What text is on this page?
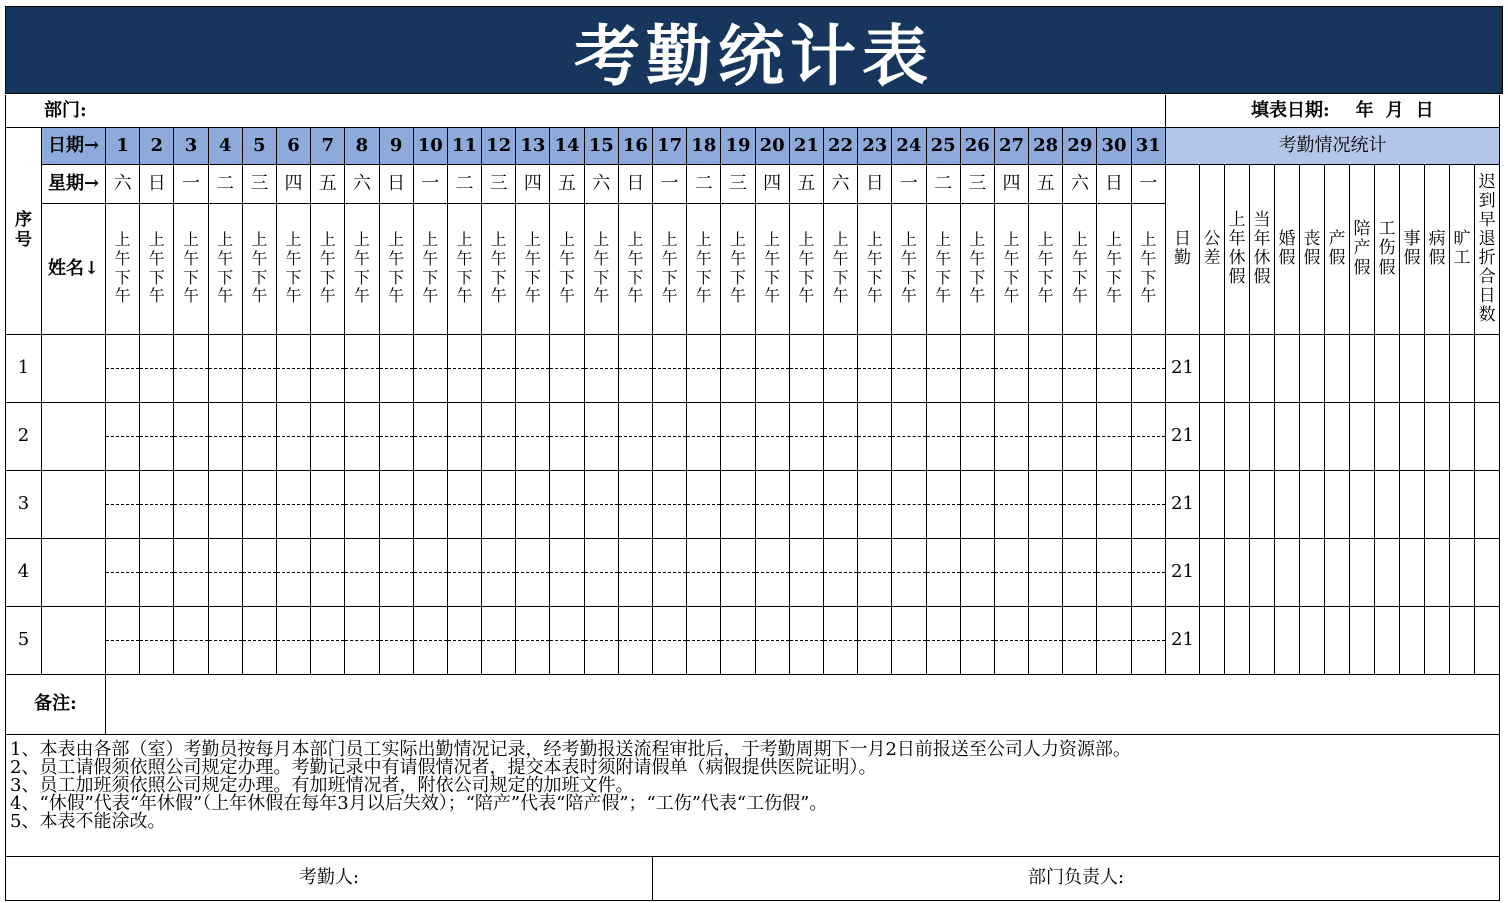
考勤统计表
部门:																																	填表日期: 年 月 日												
序号	日期→	1	2	3	4	5	6	7	8	9	10	11	12	13	14	15	16	17	18	19	20	21	22	23	24	25	26	27	28	29	30	31	考勤情况统计												
	星期→	六	日	一	二	三	四	五	六	日	一	二	三	四	五	六	日	一	二	三	四	五	六	日	一	二	三	四	五	六	日	一	日勤	公差	上年休假	当年休假	婚假	丧假	产假	陪产假	工伤假	事假	病假	旷工	迟到早退折合日数
	姓名↓	上午下午	上午下午	上午下午	上午下午	上午下午	上午下午	上午下午	上午下午	上午下午	上午下午	上午下午	上午下午	上午下午	上午下午	上午下午	上午下午	上午下午	上午下午	上午下午	上午下午	上午下午	上午下午	上午下午	上午下午	上午下午	上午下午	上午下午	上午下午	上午下午	上午下午	上午下午													
1																																	21												

2																																	21												

3																																	21												

4																																	21												

5																																	21												

备注:																																													

1、本表由各部（室）考勤员按每月本部门员工实际出勤情况记录，经考勤报送流程审批后，于考勤周期下一月2日前报送至公司人力资源部。
2、员工请假须依照公司规定办理。考勤记录中有请假情况者，提交本表时须附请假单（病假提供医院证明）。
3、员工加班须依照公司规定办理。有加班情况者，附依公司规定的加班文件。
4、“休假”代表“年休假”（上年休假在每年3月以后失效）；“陪产”代表“陪产假”；“工伤”代表“工伤假”。
5、本表不能涂改。																																													

考勤人:																		部门负责人:																											
